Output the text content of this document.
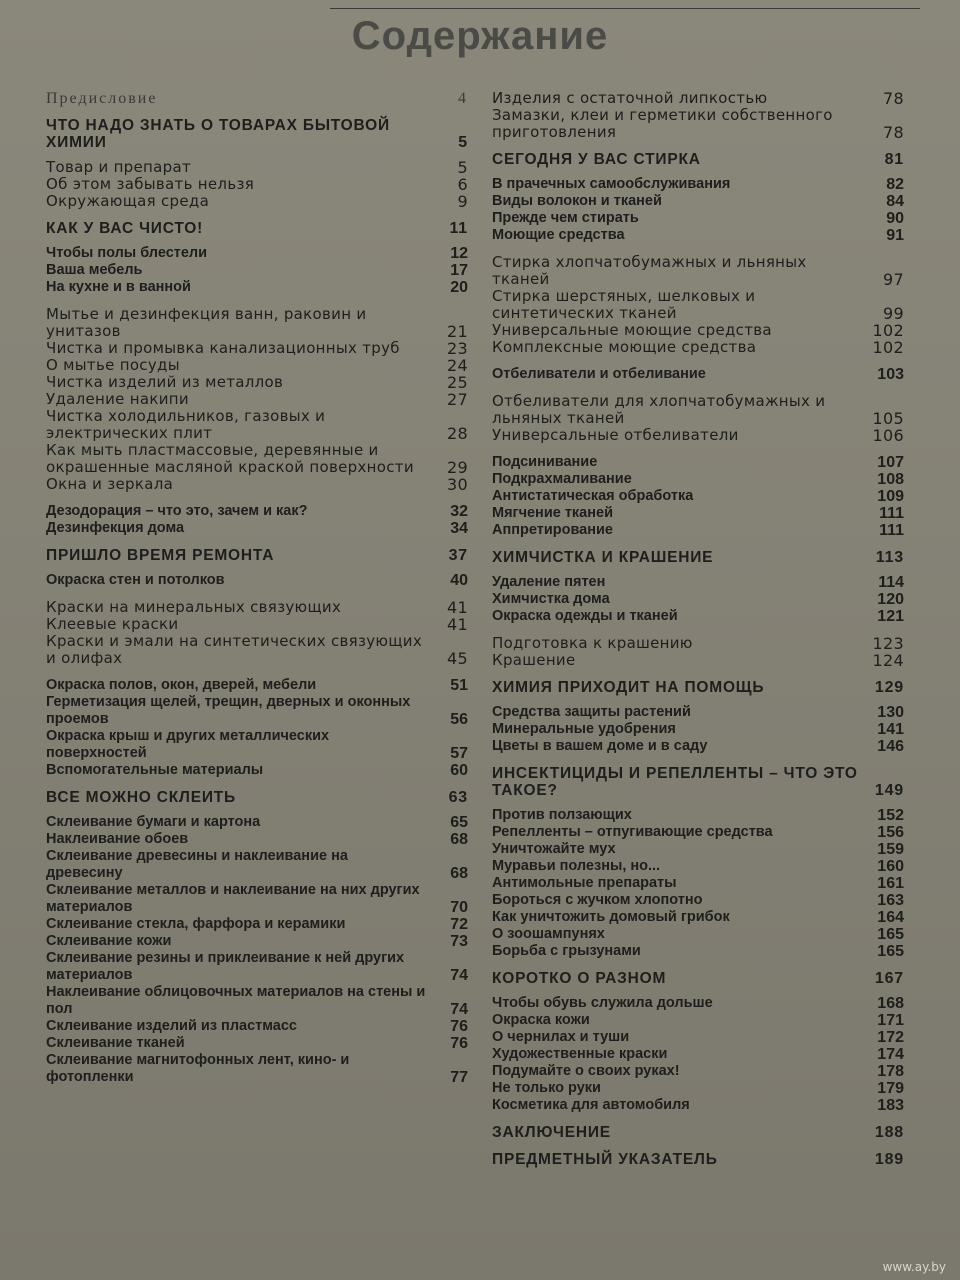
Содержание
Предисловие	4
ЧТО НАДО ЗНАТЬ О ТОВАРАХ БЫТОВОЙ ХИМИИ	5
Товар и препарат	5
Об этом забывать нельзя	6
Окружающая среда	9
КАК У ВАС ЧИСТО!	11
Чтобы полы блестели	12
Ваша мебель	17
На кухне и в ванной	20
Мытье и дезинфекция ванн, раковин и унитазов	21
Чистка и промывка канализационных труб	23
О мытье посуды	24
Чистка изделий из металлов	25
Удаление накипи	27
Чистка холодильников, газовых и электрических плит	28
Как мыть пластмассовые, деревянные и окрашенные масляной краской поверхности 29
Окна и зеркала	30
Дезодорация – что это, зачем и как?	32
Дезинфекция дома	34
ПРИШЛО ВРЕМЯ РЕМОНТА	37
Окраска стен и потолков	40
Краски на минеральных связующих	41
Клеевые краски	41
Краски и эмали на синтетических связующих и олифах	45
Окраска полов, окон, дверей, мебели	51
Герметизация щелей, трещин, дверных и оконных проемов	56
Окраска крыш и других металлических поверхностей	57
Вспомогательные материалы	60
ВСЕ МОЖНО СКЛЕИТЬ	63
Склеивание бумаги и картона	65
Наклеивание обоев	68
Склеивание древесины и наклеивание на древесину	68
Склеивание металлов и наклеивание на них других материалов	70
Склеивание стекла, фарфора и керамики	72
Склеивание кожи	73
Склеивание резины и приклеивание к ней других материалов	74
Наклеивание облицовочных материалов на стены и пол	74
Склеивание изделий из пластмасс	76
Склеивание тканей	76
Склеивание магнитофонных лент, кино- и фотопленки	77
Изделия с остаточной липкостью	78
Замазки, клеи и герметики собственного приготовления	78
СЕГОДНЯ У ВАС СТИРКА	81
В прачечных самообслуживания	82
Виды волокон и тканей	84
Прежде чем стирать	90
Моющие средства	91
Стирка хлопчатобумажных и льняных тканей	97
Стирка шерстяных, шелковых и синтетических тканей	99
Универсальные моющие средства	102
Комплексные моющие средства	102
Отбеливатели и отбеливание	103
Отбеливатели для хлопчатобумажных и льняных тканей	105
Универсальные отбеливатели	106
Подсинивание	107
Подкрахмаливание	108
Антистатическая обработка	109
Мягчение тканей	111
Аппретирование	111
ХИМЧИСТКА И КРАШЕНИЕ	113
Удаление пятен	114
Химчистка дома	120
Окраска одежды и тканей	121
Подготовка к крашению	123
Крашение	124
ХИМИЯ ПРИХОДИТ НА ПОМОЩЬ	129
Средства защиты растений	130
Минеральные удобрения	141
Цветы в вашем доме и в саду	146
ИНСЕКТИЦИДЫ И РЕПЕЛЛЕНТЫ – ЧТО ЭТО ТАКОЕ?	149
Против ползающих	152
Репелленты – отпугивающие средства	156
Уничтожайте мух	159
Муравьи полезны, но...	160
Антимольные препараты	161
Бороться с жучком хлопотно	163
Как уничтожить домовый грибок	164
О зоошампунях	165
Борьба с грызунами	165
КОРОТКО О РАЗНОМ	167
Чтобы обувь служила дольше	168
Окраска кожи	171
О чернилах и туши	172
Художественные краски	174
Подумайте о своих руках!	178
Не только руки	179
Косметика для автомобиля	183
ЗАКЛЮЧЕНИЕ	188
ПРЕДМЕТНЫЙ УКАЗАТЕЛЬ	189
www.ay.by
